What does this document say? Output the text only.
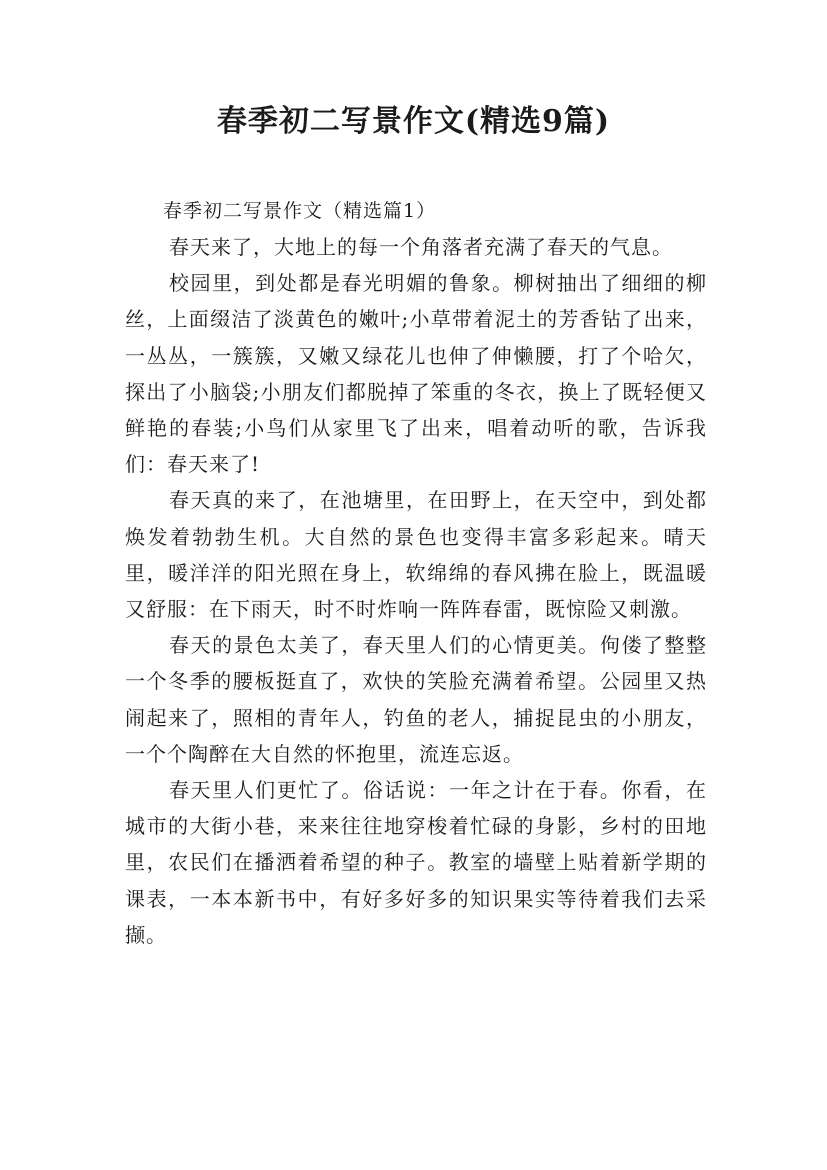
春季初二写景作文(精选9篇)

春季初二写景作文（精选篇1）

春天来了，大地上的每一个角落者充满了春天的气息。

校园里，到处都是春光明媚的鲁象。柳树抽出了细细的柳丝，上面缀洁了淡黄色的嫩叶;小草带着泥土的芳香钻了出来，一丛丛，一簇簇，又嫩又绿花儿也伸了伸懒腰，打了个哈欠，探出了小脑袋;小朋友们都脱掉了笨重的冬衣，换上了既轻便又鲜艳的春装;小鸟们从家里飞了出来，唱着动听的歌，告诉我们：春天来了!

春天真的来了，在池塘里，在田野上，在天空中，到处都焕发着勃勃生机。大自然的景色也变得丰富多彩起来。晴天里，暖洋洋的阳光照在身上，软绵绵的春风拂在脸上，既温暖又舒服：在下雨天，时不时炸响一阵阵春雷，既惊险又刺激。

春天的景色太美了，春天里人们的心情更美。佝偻了整整一个冬季的腰板挺直了，欢快的笑脸充满着希望。公园里又热闹起来了，照相的青年人，钓鱼的老人，捕捉昆虫的小朋友，一个个陶醉在大自然的怀抱里，流连忘返。

春天里人们更忙了。俗话说：一年之计在于春。你看，在城市的大街小巷，来来往往地穿梭着忙碌的身影，乡村的田地里，农民们在播洒着希望的种子。教室的墙壁上贴着新学期的课表，一本本新书中，有好多好多的知识果实等待着我们去采撷。
